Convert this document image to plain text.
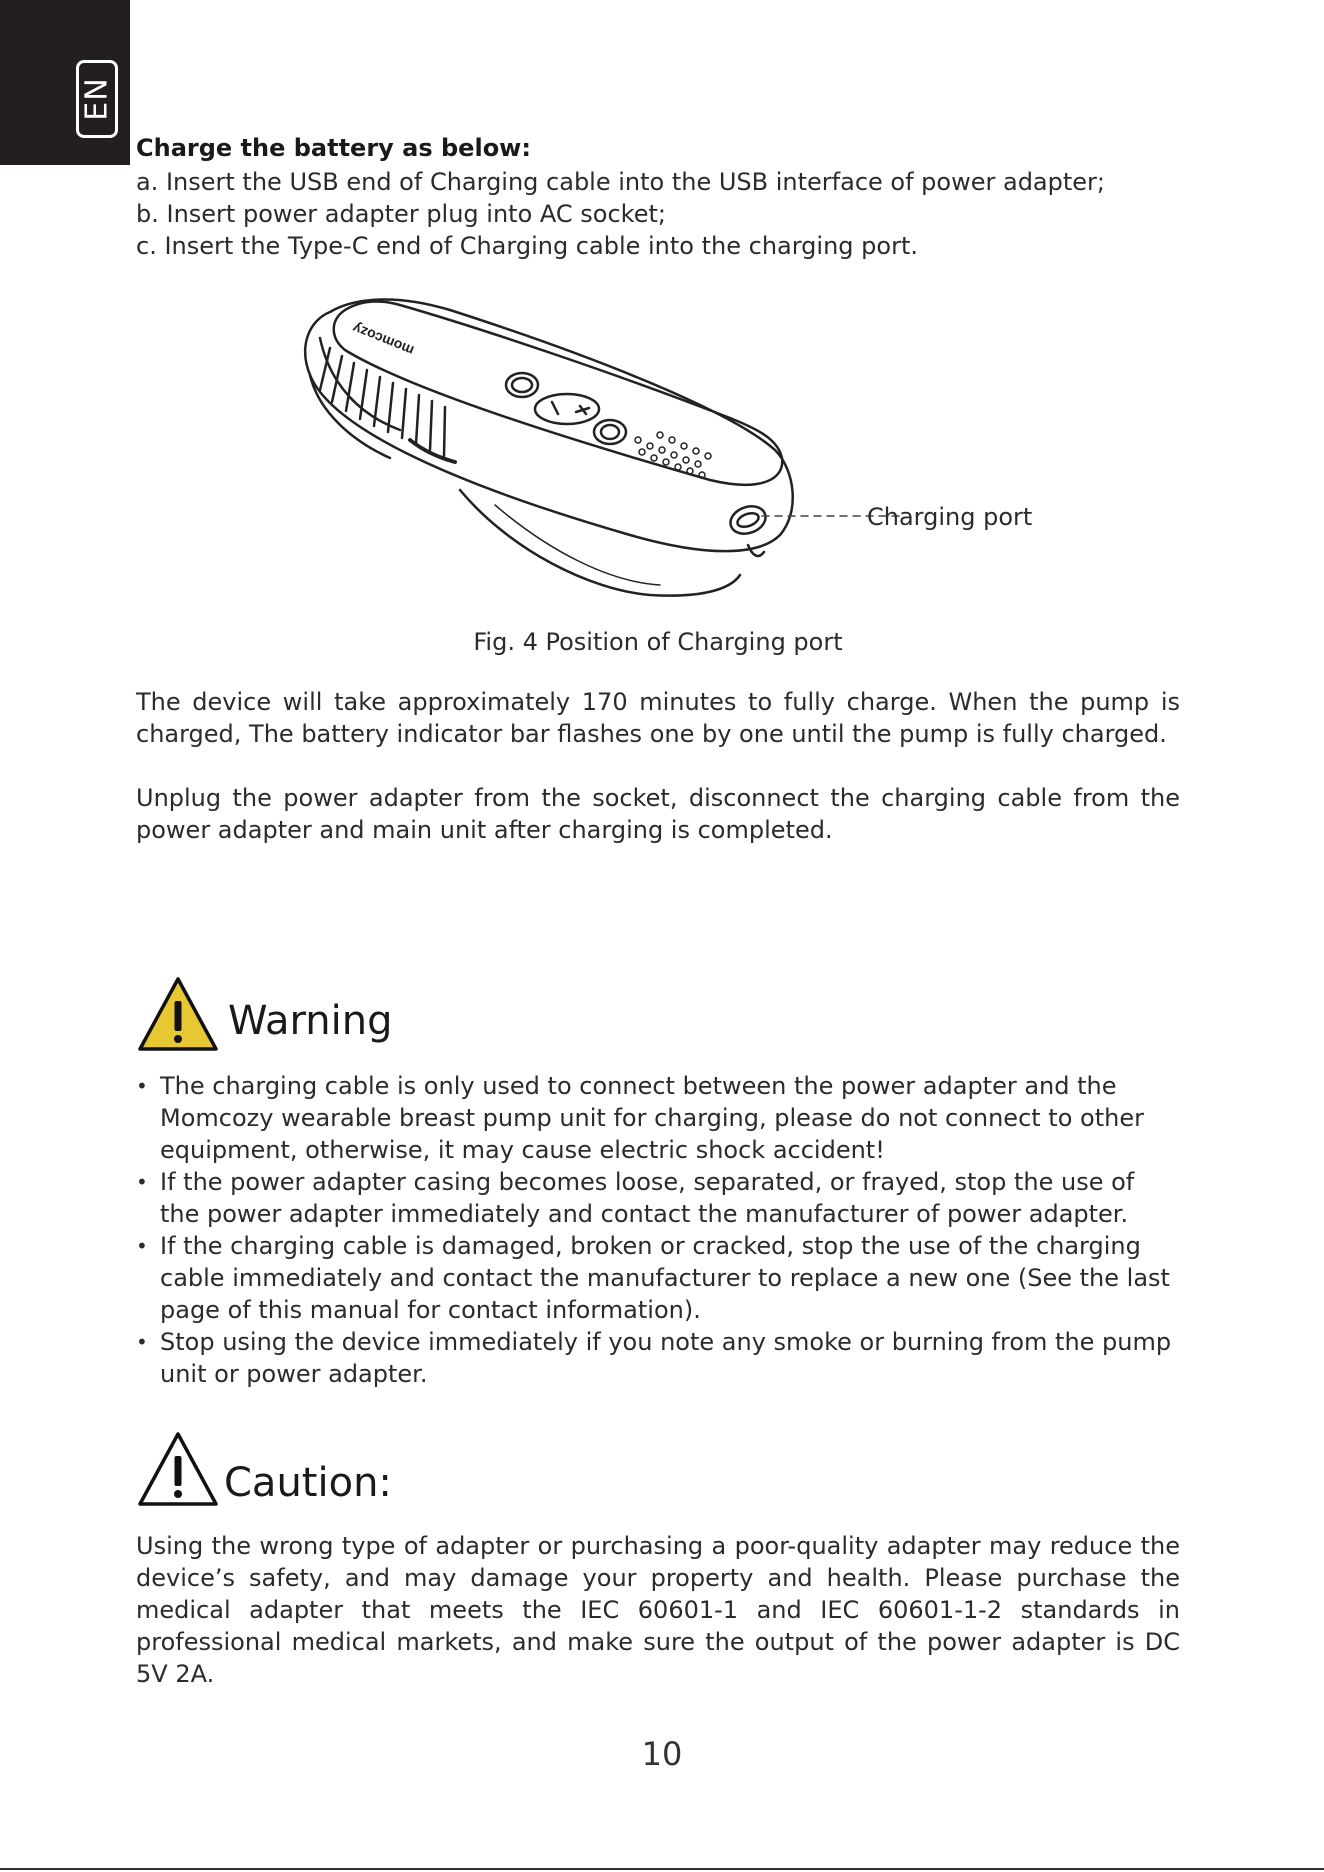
EN
Charge the battery as below:
a. Insert the USB end of Charging cable into the USB interface of power adapter;
b. Insert power adapter plug into AC socket;
c. Insert the Type-C end of Charging cable into the charging port.
momcozy
Charging port
Fig. 4 Position of Charging port
The device will take approximately 170 minutes to fully charge. When the pump is charged, The battery indicator bar flashes one by one until the pump is fully charged.
Unplug the power adapter from the socket, disconnect the charging cable from the power adapter and main unit after charging is completed.
Warning
• The charging cable is only used to connect between the power adapter and the Momcozy wearable breast pump unit for charging, please do not connect to other equipment, otherwise, it may cause electric shock accident!
• If the power adapter casing becomes loose, separated, or frayed, stop the use of the power adapter immediately and contact the manufacturer of power adapter.
• If the charging cable is damaged, broken or cracked, stop the use of the charging cable immediately and contact the manufacturer to replace a new one (See the last page of this manual for contact information).
• Stop using the device immediately if you note any smoke or burning from the pump unit or power adapter.
Caution:
Using the wrong type of adapter or purchasing a poor-quality adapter may reduce the device’s safety, and may damage your property and health. Please purchase the medical adapter that meets the IEC 60601-1 and IEC 60601-1-2 standards in professional medical markets, and make sure the output of the power adapter is DC 5V 2A.
10
